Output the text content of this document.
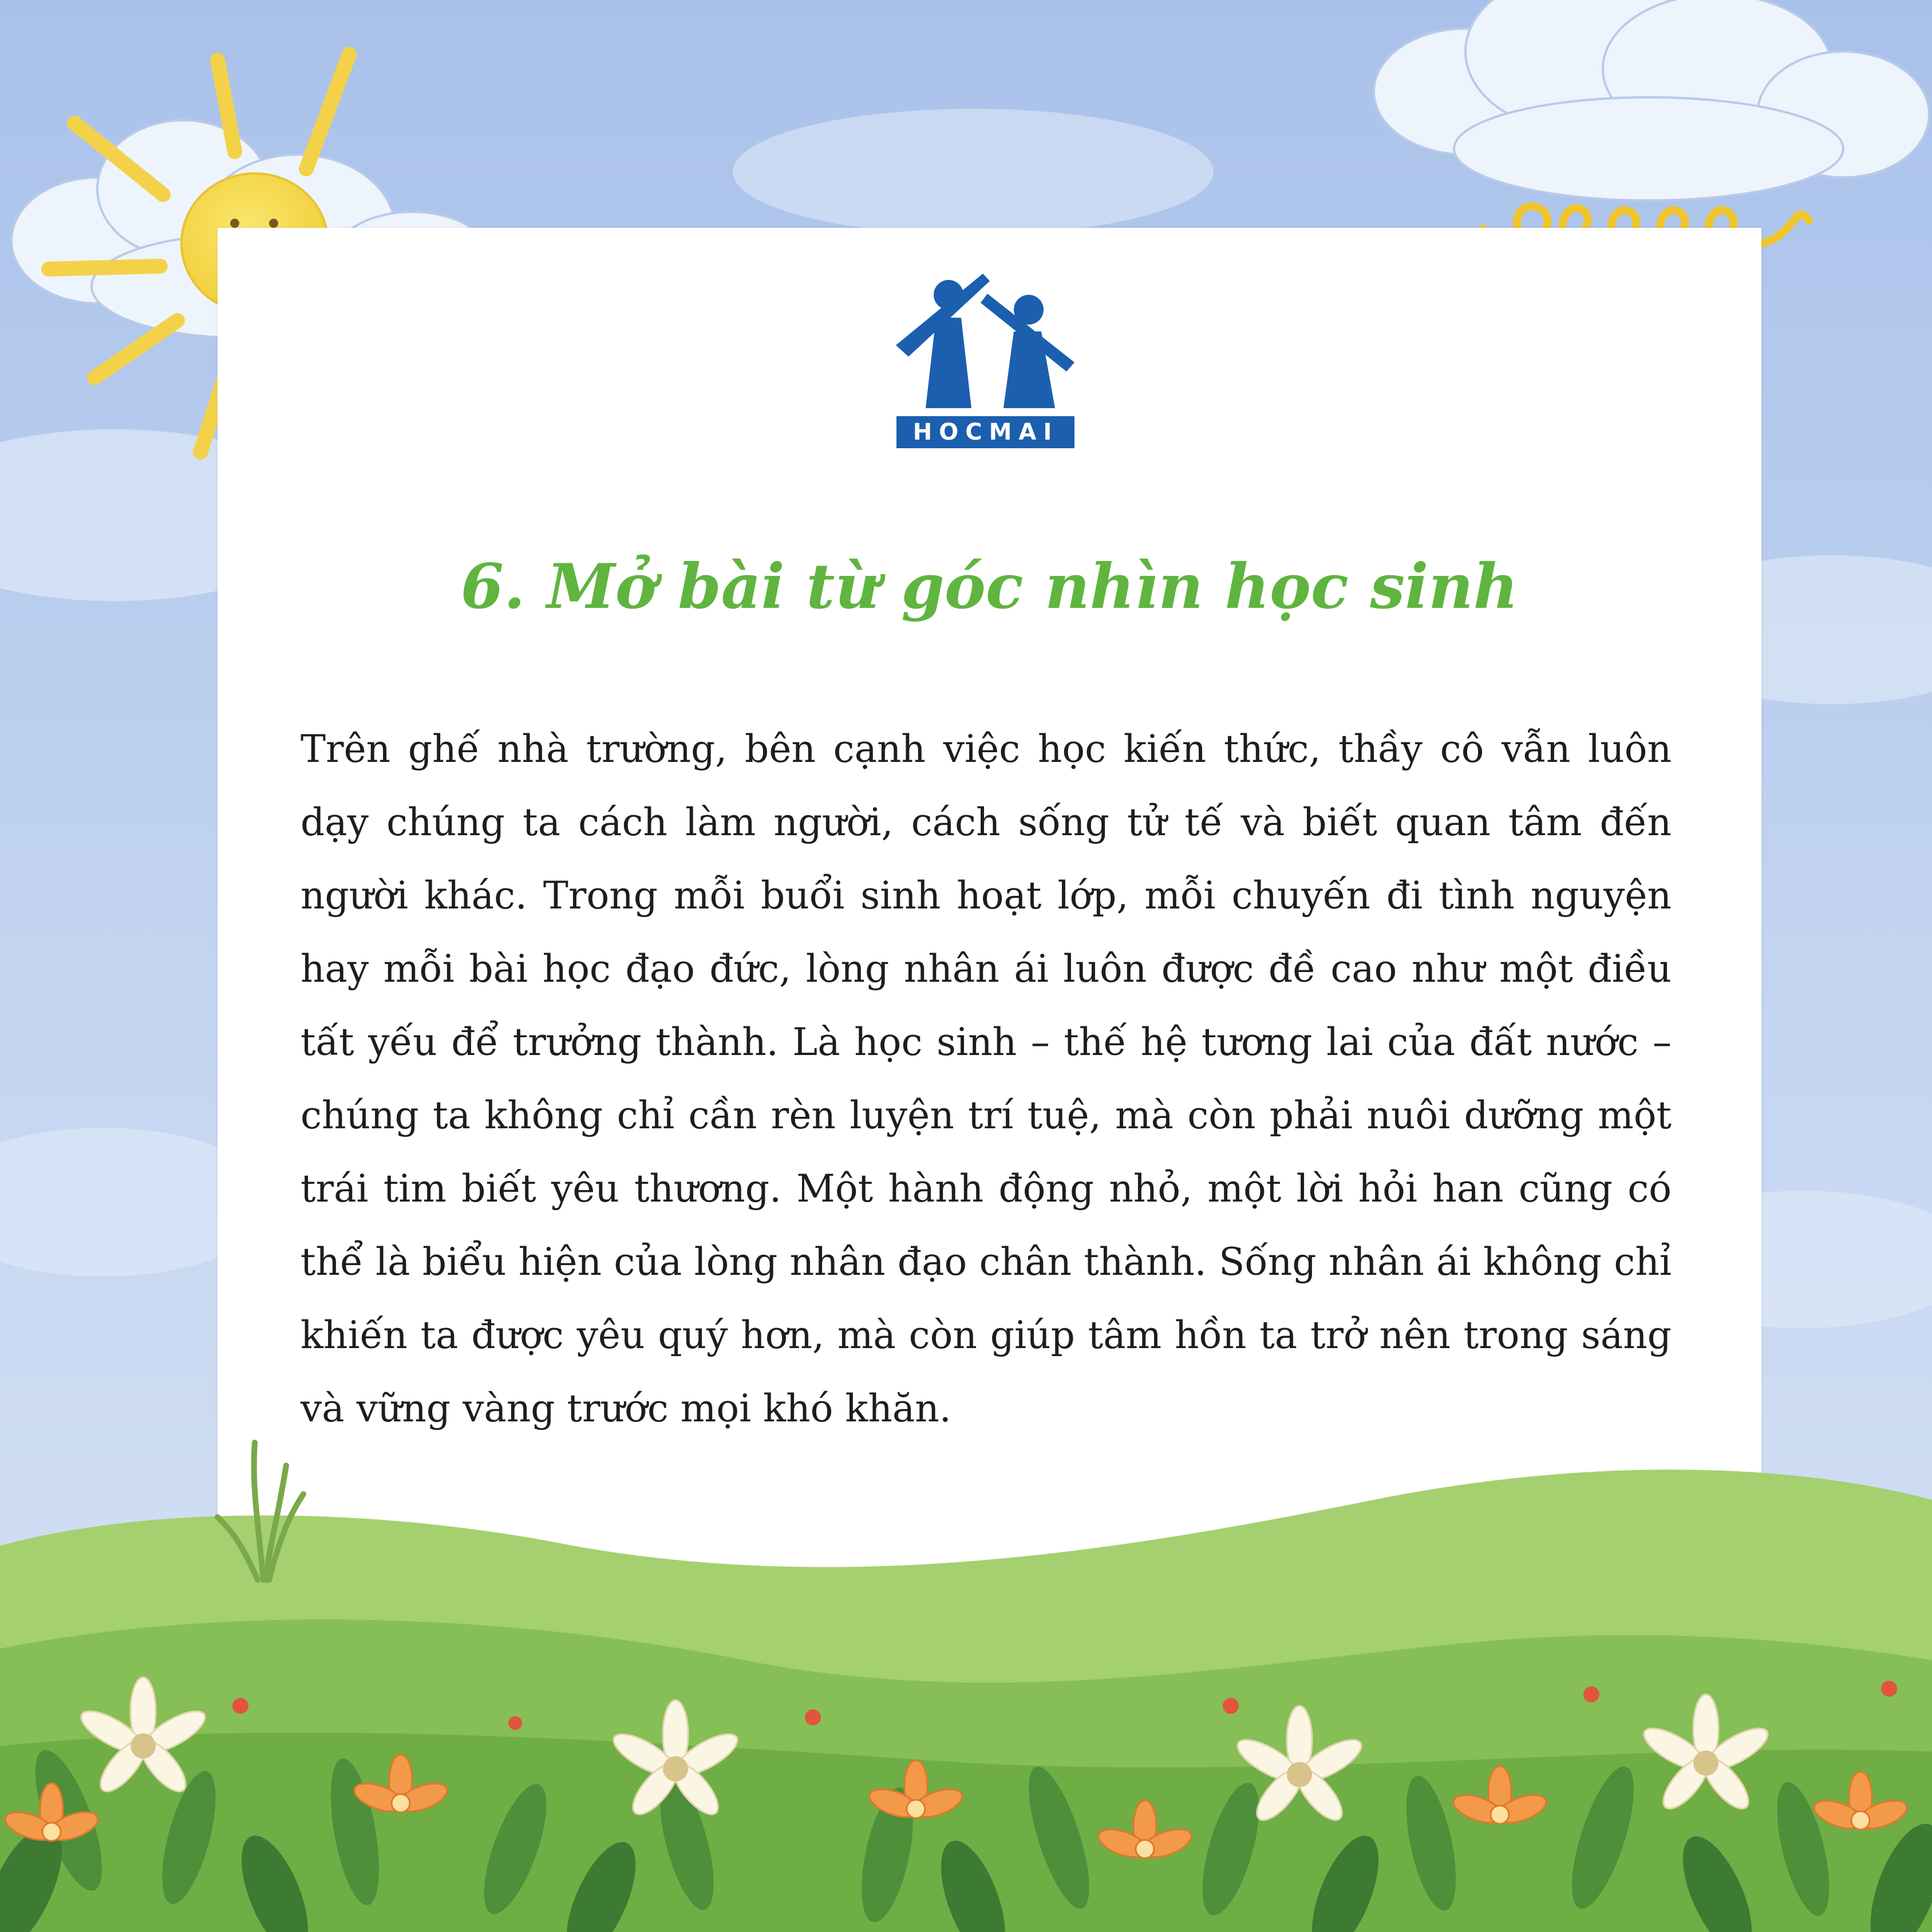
HOCMAI
6. Mở bài từ góc nhìn học sinh

Trên ghế nhà trường, bên cạnh việc học kiến thức, thầy cô vẫn luôn dạy chúng ta cách làm người, cách sống tử tế và biết quan tâm đến người khác. Trong mỗi buổi sinh hoạt lớp, mỗi chuyến đi tình nguyện hay mỗi bài học đạo đức, lòng nhân ái luôn được đề cao như một điều tất yếu để trưởng thành. Là học sinh – thế hệ tương lai của đất nước – chúng ta không chỉ cần rèn luyện trí tuệ, mà còn phải nuôi dưỡng một trái tim biết yêu thương. Một hành động nhỏ, một lời hỏi han cũng có thể là biểu hiện của lòng nhân đạo chân thành. Sống nhân ái không chỉ khiến ta được yêu quý hơn, mà còn giúp tâm hồn ta trở nên trong sáng và vững vàng trước mọi khó khăn.
